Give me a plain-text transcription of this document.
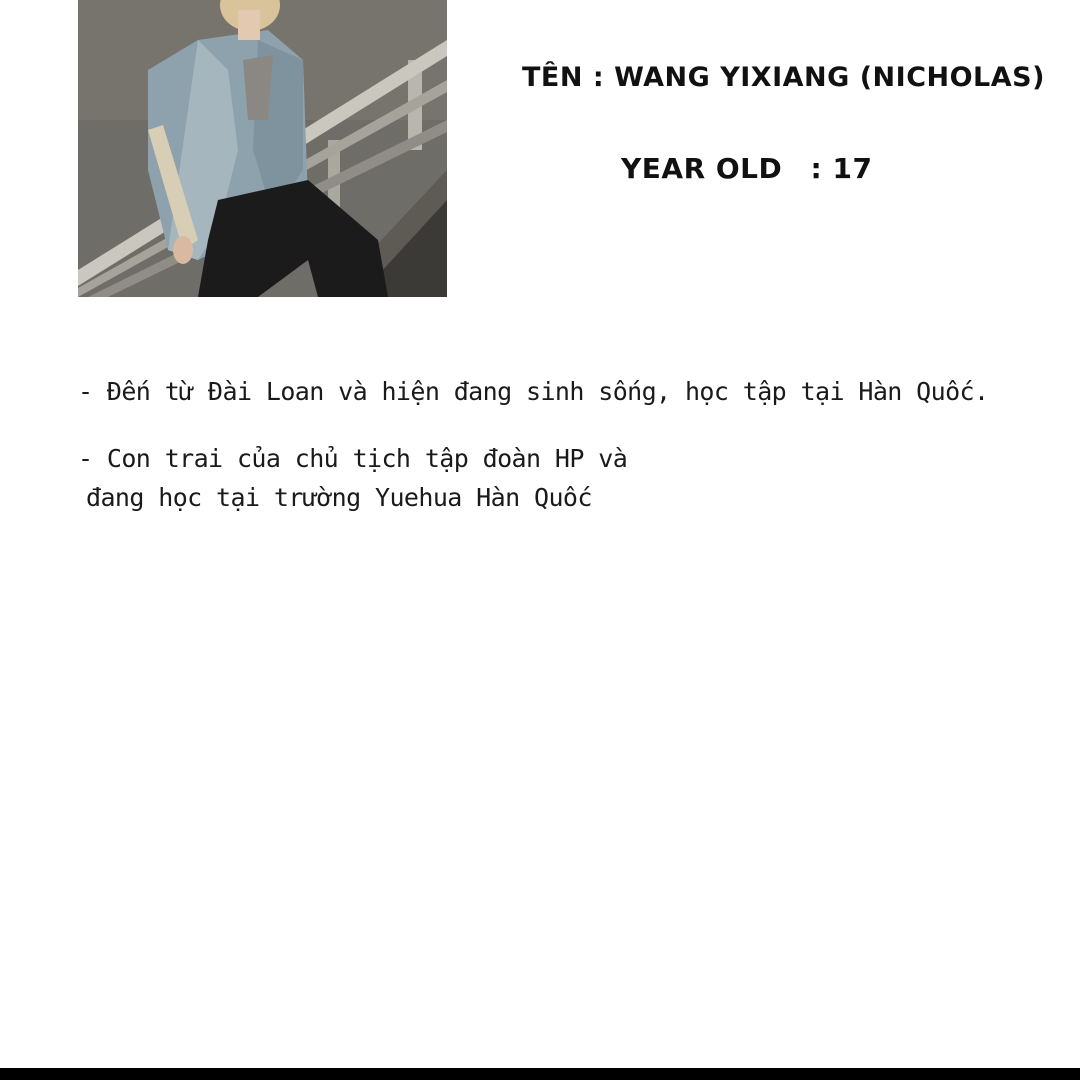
TÊN : WANG YIXIANG (NICHOLAS)
YEAR OLD : 17
- Đến từ Đài Loan và hiện đang sinh sống, học tập tại Hàn Quốc.
- Con trai của chủ tịch tập đoàn HP và
đang học tại trường Yuehua Hàn Quốc
